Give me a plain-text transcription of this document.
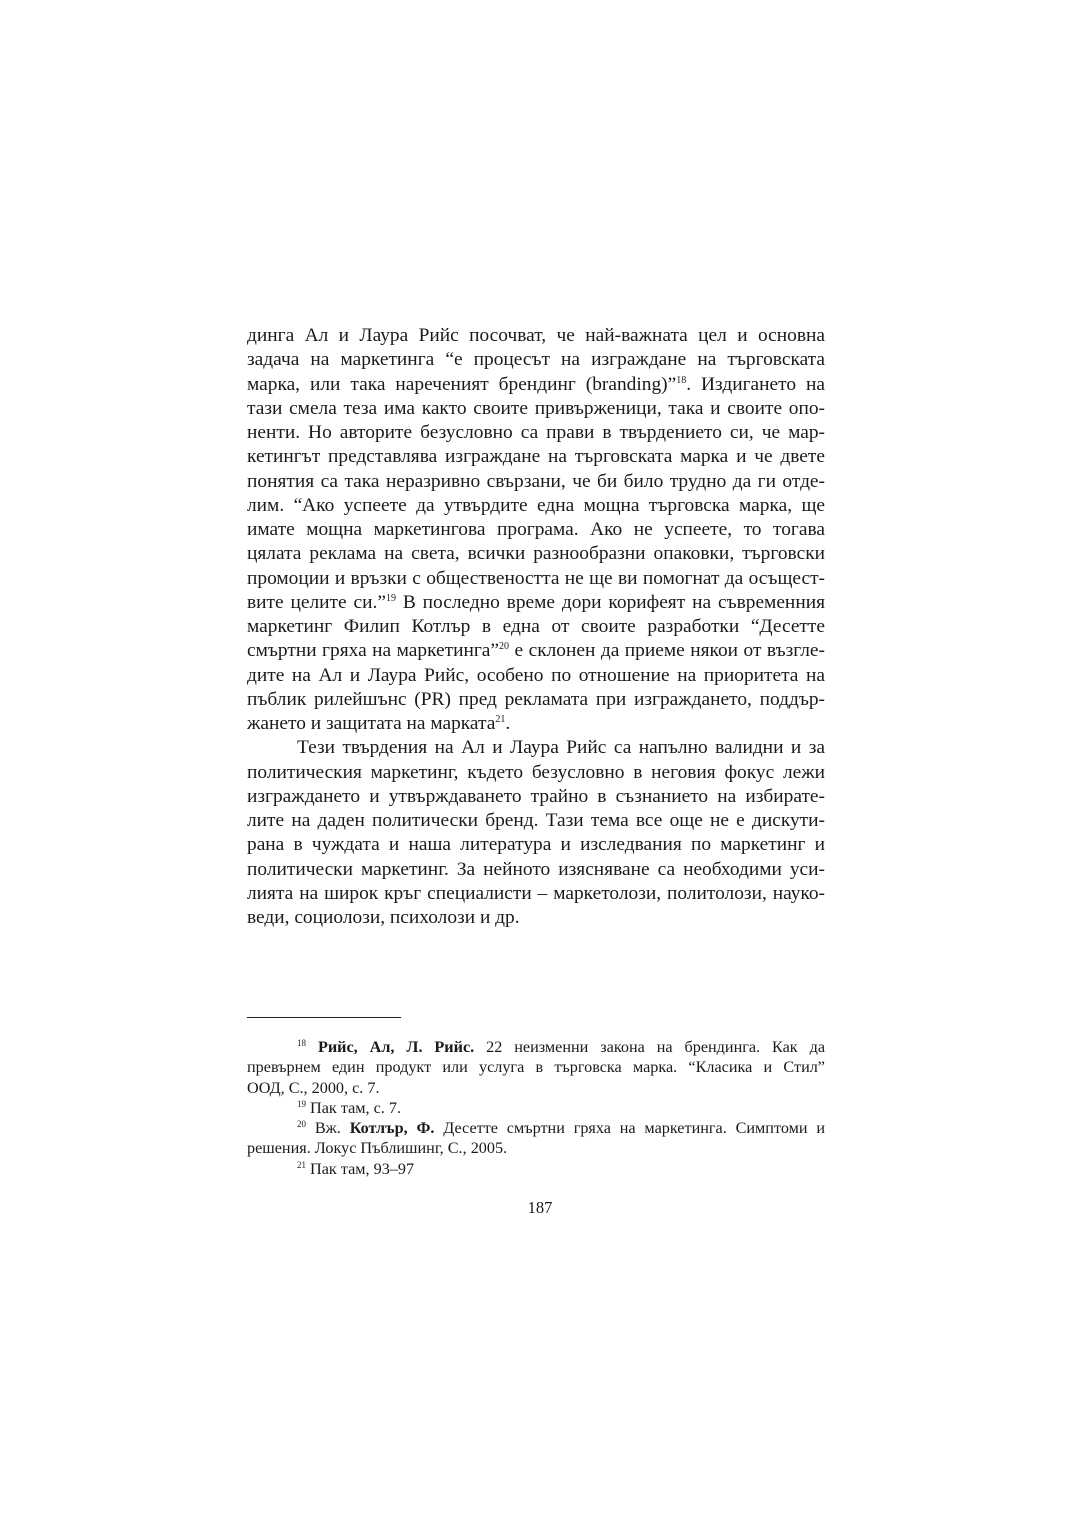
динга Ал и Лаура Рийс посочват, че най-важната цел и основна
задача на маркетинга “е процесът на изграждане на търговската
марка, или така нареченият брендинг (branding)”$^{18}$. Издигането на
тази смела теза има както своите привърженици, така и своите опо-
ненти. Но авторите безусловно са прави в твърдението си, че мар-
кетингът представлява изграждане на търговската марка и че двете
понятия са така неразривно свързани, че би било трудно да ги отде-
лим. “Ако успеете да утвърдите една мощна търговска марка, ще
имате мощна маркетингова програма. Ако не успеете, то тогава
цялата реклама на света, всички разнообразни опаковки, търговски
промоции и връзки с обществеността не ще ви помогнат да осъщест-
вите целите си.”$^{19}$ В последно време дори корифеят на съвременния
маркетинг Филип Котлър в една от своите разработки “Десетте
смъртни гряха на маркетинга”$^{20}$ е склонен да приеме някои от възгле-
дите на Ал и Лаура Рийс, особено по отношение на приоритета на
пъблик рилейшънс (PR) пред рекламата при изграждането, поддър-
жането и защитата на марката$^{21}$.
Тези твърдения на Ал и Лаура Рийс са напълно валидни и за
политическия маркетинг, където безусловно в неговия фокус лежи
изграждането и утвърждаването трайно в съзнанието на избирате-
лите на даден политически бренд. Тази тема все още не е дискути-
рана в чуждата и наша литература и изследвания по маркетинг и
политически маркетинг. За нейното изясняване са необходими уси-
лията на широк кръг специалисти – маркетолози, политолози, науко-
веди, социолози, психолози и др.
$^{18}$ Рийс, Ал, Л. Рийс. 22 неизменни закона на брендинга. Как да
превърнем един продукт или услуга в търговска марка. “Класика и Стил”
ООД, С., 2000, с. 7.
$^{19}$ Пак там, с. 7.
$^{20}$ Вж. Котлър, Ф. Десетте смъртни гряха на маркетинга. Симптоми и
решения. Локус Пъблишинг, С., 2005.
$^{21}$ Пак там, 93–97
187
